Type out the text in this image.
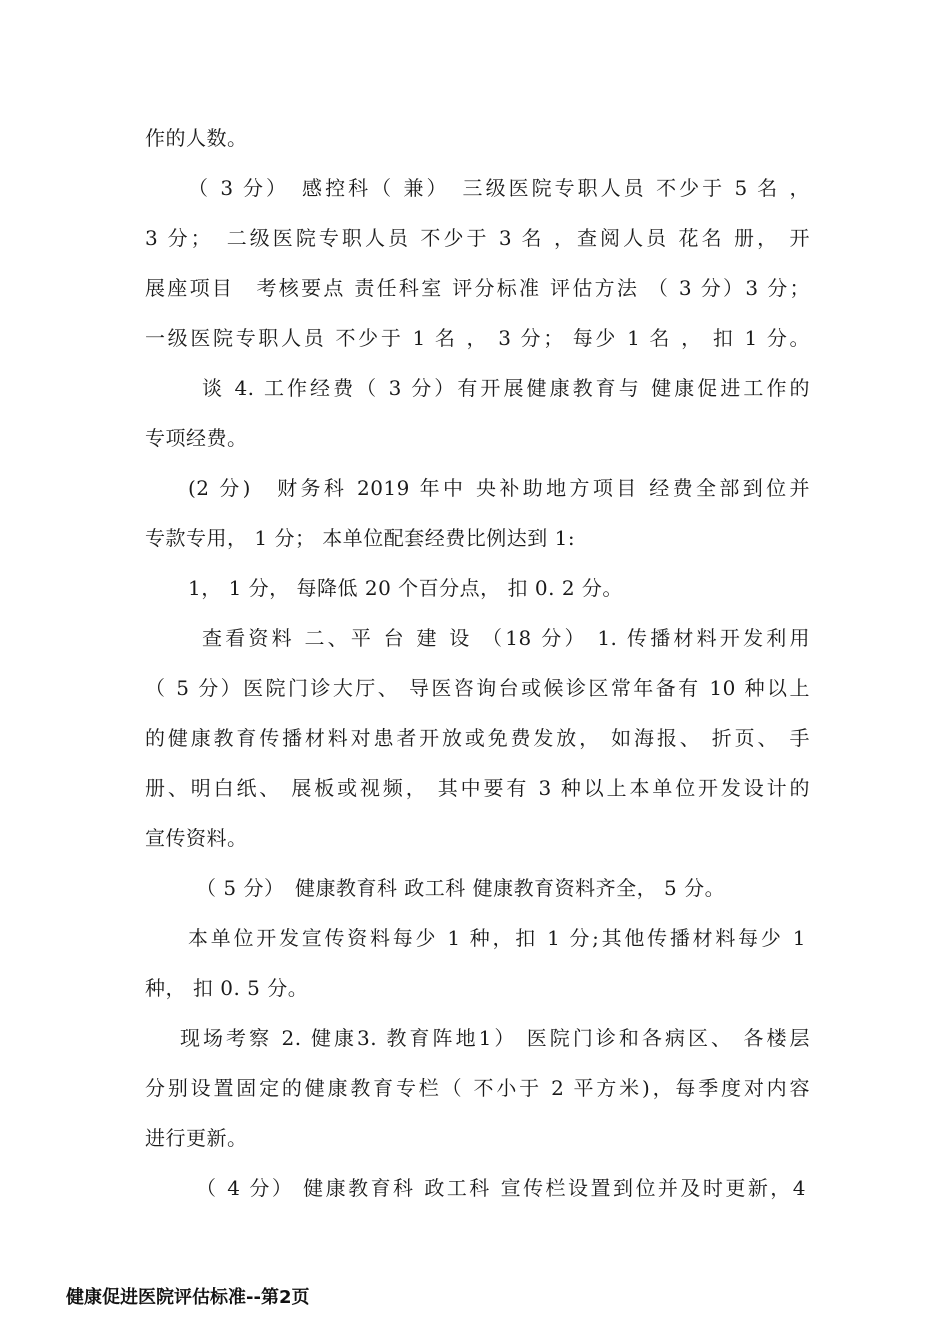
作的人数。
（ 3 分）　感控科（ 兼）　三级医院专职人员 不少于 5 名 ，
3 分；　二级医院专职人员 不少于 3 名 ，查阅人员 花名 册， 开
展座项目　考核要点 责任科室 评分标准 评估方法 （ 3 分）3 分；
一级医院专职人员 不少于 1 名 ， 3 分； 每少 1 名 ， 扣 1 分。
谈 4. 工作经费（ 3 分）有开展健康教育与 健康促进工作的
专项经费。
(2 分)　财务科 2019 年中 央补助地方项目 经费全部到位并
专款专用， 1 分； 本单位配套经费比例达到 1:
1， 1 分， 每降低 20 个百分点， 扣 0. 2 分。
查看资料 二、平 台 建 设 （18 分） 1. 传播材料开发利用
（ 5 分）医院门诊大厅、 导医咨询台或候诊区常年备有 10 种以上
的健康教育传播材料对患者开放或免费发放， 如海报、 折页、 手
册、明白纸、 展板或视频， 其中要有 3 种以上本单位开发设计的
宣传资料。
（ 5 分）　健康教育科 政工科 健康教育资料齐全， 5 分。
本单位开发宣传资料每少 1 种，扣 1 分;其他传播材料每少 1
种， 扣 0. 5 分。
现场考察 2. 健康3. 教育阵地1） 医院门诊和各病区、 各楼层
分别设置固定的健康教育专栏（ 不小于 2 平方米)，每季度对内容
进行更新。
（ 4 分） 健康教育科 政工科 宣传栏设置到位并及时更新，4
健康促进医院评估标准--第2页
